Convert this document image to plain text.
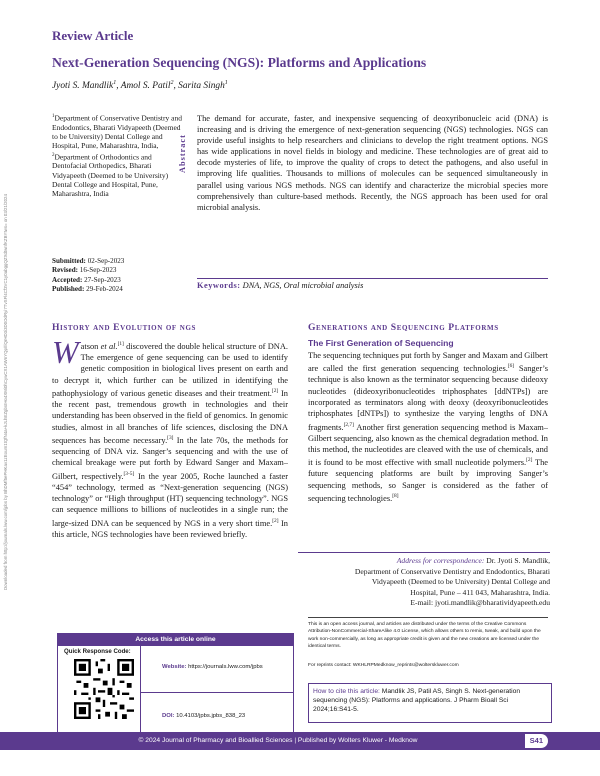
Downloaded from http://journals.lww.com/jpbs by BhDMf5ePHKav1zEoum1tQfN4a+kJLhEZgbsIHo4XMi0hCywCX1AWnYQp/IlQrHD3i3D0OdRyi7TvSFl4Cf3VC1y0abggQZXdtwnfKZBYtws= on 03/21/2024
Review Article
Next-Generation Sequencing (NGS): Platforms and Applications
Jyoti S. Mandlik$^1$, Amol S. Patil$^2$, Sarita Singh$^1$

$^1$Department of Conservative Dentistry and Endodontics, Bharati Vidyapeeth (Deemed to be University) Dental College and Hospital, Pune, Maharashtra, India,

$^2$Department of Orthodontics and Dentofacial Orthopedics, Bharati Vidyapeeth (Deemed to be University) Dental College and Hospital, Pune, Maharashtra, India

Submitted: 02-Sep-2023
Revised: 16-Sep-2023
Accepted: 27-Sep-2023
Published: 29-Feb-2024
Abstract
The demand for accurate, faster, and inexpensive sequencing of deoxyribonucleic acid (DNA) is increasing and is driving the emergence of next-generation sequencing (NGS) technologies. NGS can provide useful insights to help researchers and clinicians to develop the right treatment options. NGS has wide applications in novel fields in biology and medicine. These technologies are of great aid to decode mysteries of life, to improve the quality of crops to detect the pathogens, and also useful in improving life qualities. Thousands to millions of molecules can be sequenced simultaneously in parallel using various NGS methods. NGS can identify and characterize the microbial species more comprehensively than culture-based methods. Recently, the NGS approach has been used for oral microbial analysis.
Keywords: DNA, NGS, Oral microbial analysis
History and Evolution of ngs
Watson et al.[1] discovered the double helical structure of DNA. The emergence of gene sequencing can be used to identify genetic composition in biological lives present on earth and to decrypt it, which further can be utilized in identifying the pathophysiology of various genetic diseases and their treatment.[2] In the recent past, tremendous growth in technologies and their understanding has been observed in the field of genomics. In genomic studies, almost in all branches of life sciences, disclosing the DNA sequences has become necessary.[3] In the late 70s, the methods for sequencing of DNA viz. Sanger’s sequencing and with the use of chemical breakage were put forth by Edward Sanger and Maxam–Gilbert, respectively.[3-5] In the year 2005, Roche launched a faster “454” technology, termed as “Next-generation sequencing (NGS) technology” or “High throughput (HT) sequencing technology”. NGS can sequence millions to billions of nucleotides in a single run; the large-sized DNA can be sequenced by NGS in a very short time.[2] In this article, NGS technologies have been reviewed briefly.
Generations and Sequencing Platforms
The First Generation of Sequencing
The sequencing techniques put forth by Sanger and Maxam and Gilbert are called the first generation sequencing technologies.[6] Sanger’s technique is also known as the terminator sequencing because dideoxy nucleotides (dideoxyribonucleotides triphosphates [ddNTPs]) are incorporated as terminators along with deoxy (deoxyribonucleotides triphosphates [dNTPs]) to synthesize the varying lengths of DNA fragments.[2,7] Another first generation sequencing method is Maxam–Gilbert sequencing, also known as the chemical degradation method. In this method, the nucleotides are cleaved with the use of chemicals, and it is found to be most effective with small nucleotide polymers.[2] The future sequencing platforms are built by improving Sanger’s sequencing methods, so Sanger is considered as the father of sequencing technologies.[8]
Address for correspondence: Dr. Jyoti S. Mandlik,
Department of Conservative Dentistry and Endodontics, Bharati
Vidyapeeth (Deemed to be University) Dental College and
Hospital, Pune – 411 043, Maharashtra, India.
E-mail: jyoti.mandlik@bharatividyapeeth.edu
This is an open access journal, and articles are distributed under the terms of the Creative Commons Attribution-NonCommercial-ShareAlike 4.0 License, which allows others to remix, tweak, and build upon the work non-commercially, as long as appropriate credit is given and the new creations are licensed under the identical terms.
For reprints contact: WKHLRPMedknow_reprints@wolterskluwer.com
How to cite this article: Mandlik JS, Patil AS, Singh S. Next-generation sequencing (NGS): Platforms and applications. J Pharm Bioall Sci 2024;16:S41-5.
Access this article online
Quick Response Code:
Website: https://journals.lww.com/jpbs
DOI: 10.4103/jpbs.jpbs_838_23
© 2024 Journal of Pharmacy and Bioallied Sciences | Published by Wolters Kluwer - Medknow	S41
